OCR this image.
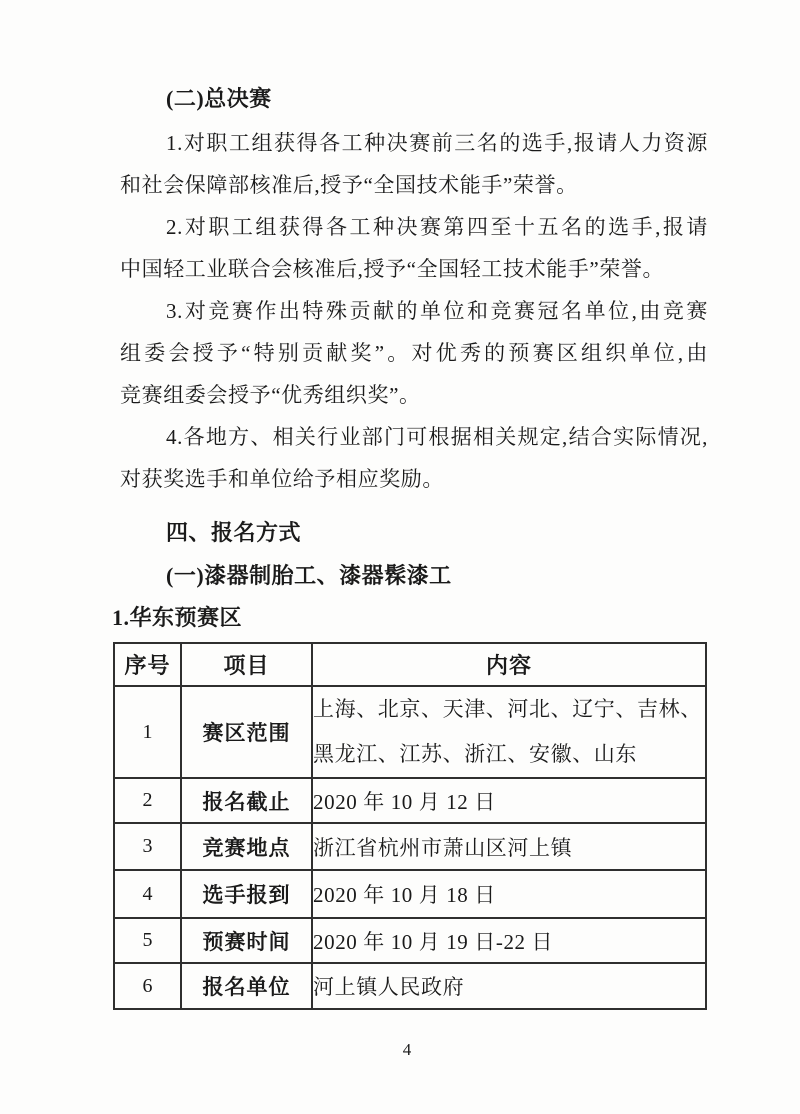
(二)总决赛
1.对职工组获得各工种决赛前三名的选手,报请人力资源
和社会保障部核准后,授予“全国技术能手”荣誉。
2.对职工组获得各工种决赛第四至十五名的选手,报请
中国轻工业联合会核准后,授予“全国轻工技术能手”荣誉。
3.对竞赛作出特殊贡献的单位和竞赛冠名单位,由竞赛
组委会授予“特别贡献奖”。对优秀的预赛区组织单位,由
竞赛组委会授予“优秀组织奖”。
4.各地方、相关行业部门可根据相关规定,结合实际情况,
对获奖选手和单位给予相应奖励。
四、报名方式
(一)漆器制胎工、漆器髹漆工
1.华东预赛区
序号	项目	内容
1	赛区范围	上海、北京、天津、河北、辽宁、吉林、
黑龙江、江苏、浙江、安徽、山东

2	报名截止	2020 年 10 月 12 日
3	竞赛地点	浙江省杭州市萧山区河上镇
4	选手报到	2020 年 10 月 18 日
5	预赛时间	2020 年 10 月 19 日-22 日
6	报名单位	河上镇人民政府
4
